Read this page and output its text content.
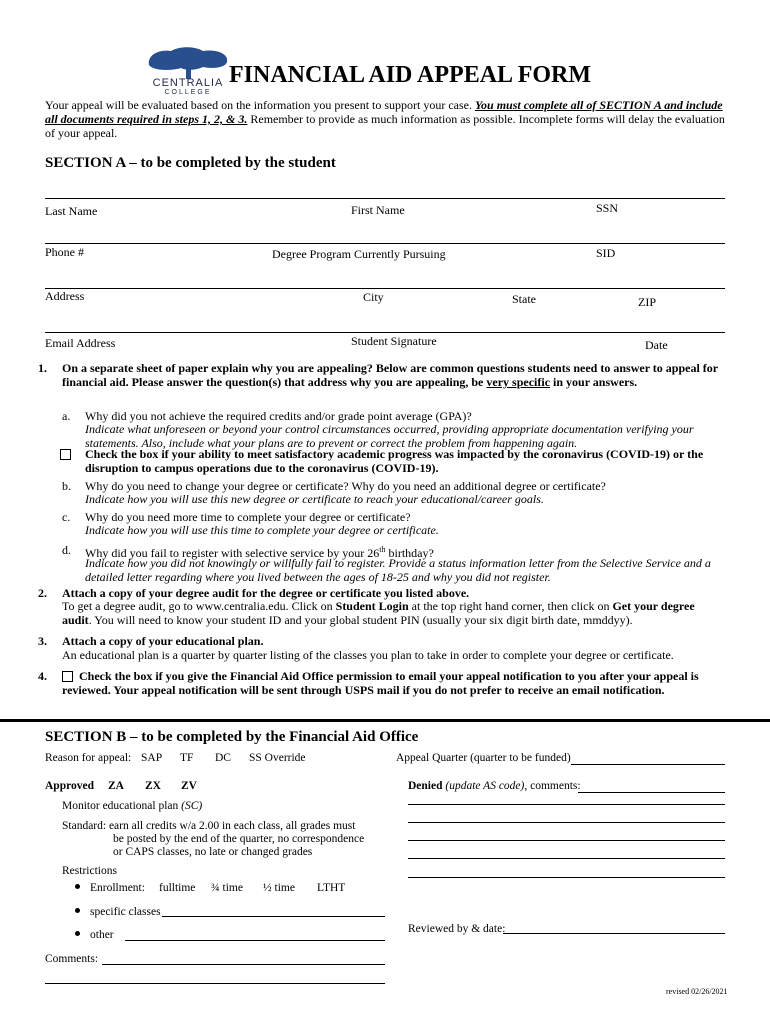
CENTRALIA
COLLEGE
FINANCIAL AID APPEAL FORM
Your appeal will be evaluated based on the information you present to support your case. You must complete all of SECTION A and include all documents required in steps 1, 2, & 3. Remember to provide as much information as possible. Incomplete forms will delay the evaluation of your appeal.
SECTION A – to be completed by the student
Last Name	First Name	SSN
Phone #	Degree Program Currently Pursuing	SID
Address	City	State	ZIP
Email Address	Student Signature	Date
1. On a separate sheet of paper explain why you are appealing? Below are common questions students need to answer to appeal for financial aid. Please answer the question(s) that address why you are appealing, be very specific in your answers.
a. Why did you not achieve the required credits and/or grade point average (GPA)?
Indicate what unforeseen or beyond your control circumstances occurred, providing appropriate documentation verifying your statements. Also, include what your plans are to prevent or correct the problem from happening again.
Check the box if your ability to meet satisfactory academic progress was impacted by the coronavirus (COVID-19) or the disruption to campus operations due to the coronavirus (COVID-19).
b. Why do you need to change your degree or certificate? Why do you need an additional degree or certificate?
Indicate how you will use this new degree or certificate to reach your educational/career goals.
c. Why do you need more time to complete your degree or certificate?
Indicate how you will use this time to complete your degree or certificate.
d. Why did you fail to register with selective service by your 26th birthday?
Indicate how you did not knowingly or willfully fail to register. Provide a status information letter from the Selective Service and a detailed letter regarding where you lived between the ages of 18-25 and why you did not register.
2. Attach a copy of your degree audit for the degree or certificate you listed above.
To get a degree audit, go to www.centralia.edu. Click on Student Login at the top right hand corner, then click on Get your degree audit. You will need to know your student ID and your global student PIN (usually your six digit birth date, mmddyy).
3. Attach a copy of your educational plan.
An educational plan is a quarter by quarter listing of the classes you plan to take in order to complete your degree or certificate.
4.	Check the box if you give the Financial Aid Office permission to email your appeal notification to you after your appeal is reviewed. Your appeal notification will be sent through USPS mail if you do not prefer to receive an email notification.
SECTION B – to be completed by the Financial Aid Office
Reason for appeal: SAP TF DC SS Override	Appeal Quarter (quarter to be funded)
Approved ZA ZX ZV	Denied (update AS code), comments:
Monitor educational plan (SC)
Standard: earn all credits w/a 2.00 in each class, all grades must
be posted by the end of the quarter, no correspondence
or CAPS classes, no late or changed grades
Restrictions
Enrollment: fulltime ¾ time ½ time LTHT
specific classes
other	Reviewed by & date:
Comments:
revised 02/26/2021
